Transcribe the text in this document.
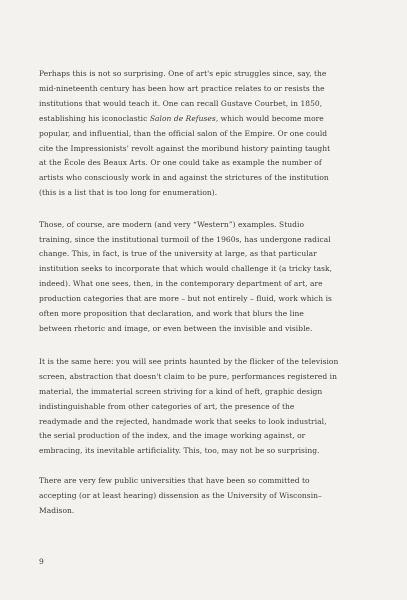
Perhaps this is not so surprising. One of art's epic struggles since, say, the mid-nineteenth century has been how art practice relates to or resists the institutions that would teach it. One can recall Gustave Courbet, in 1850, establishing his iconoclastic Salon de Refuses, which would become more popular, and influential, than the official salon of the Empire. Or one could cite the Impressionists' revolt against the moribund history painting taught at the École des Beaux Arts. Or one could take as example the number of artists who consciously work in and against the strictures of the institution (this is a list that is too long for enumeration).

Those, of course, are modern (and very “Western”) examples. Studio training, since the institutional turmoil of the 1960s, has undergone radical change. This, in fact, is true of the university at large, as that particular institution seeks to incorporate that which would challenge it (a tricky task, indeed). What one sees, then, in the contemporary department of art, are production categories that are more – but not entirely – fluid, work which is often more proposition that declaration, and work that blurs the line between rhetoric and image, or even between the invisible and visible.

It is the same here: you will see prints haunted by the flicker of the television screen, abstraction that doesn't claim to be pure, performances registered in material, the immaterial screen striving for a kind of heft, graphic design indistinguishable from other categories of art, the presence of the readymade and the rejected, handmade work that seeks to look industrial, the serial production of the index, and the image working against, or embracing, its inevitable artificiality. This, too, may not be so surprising.

There are very few public universities that have been so committed to accepting (or at least hearing) dissension as the University of Wisconsin–Madison.

9
